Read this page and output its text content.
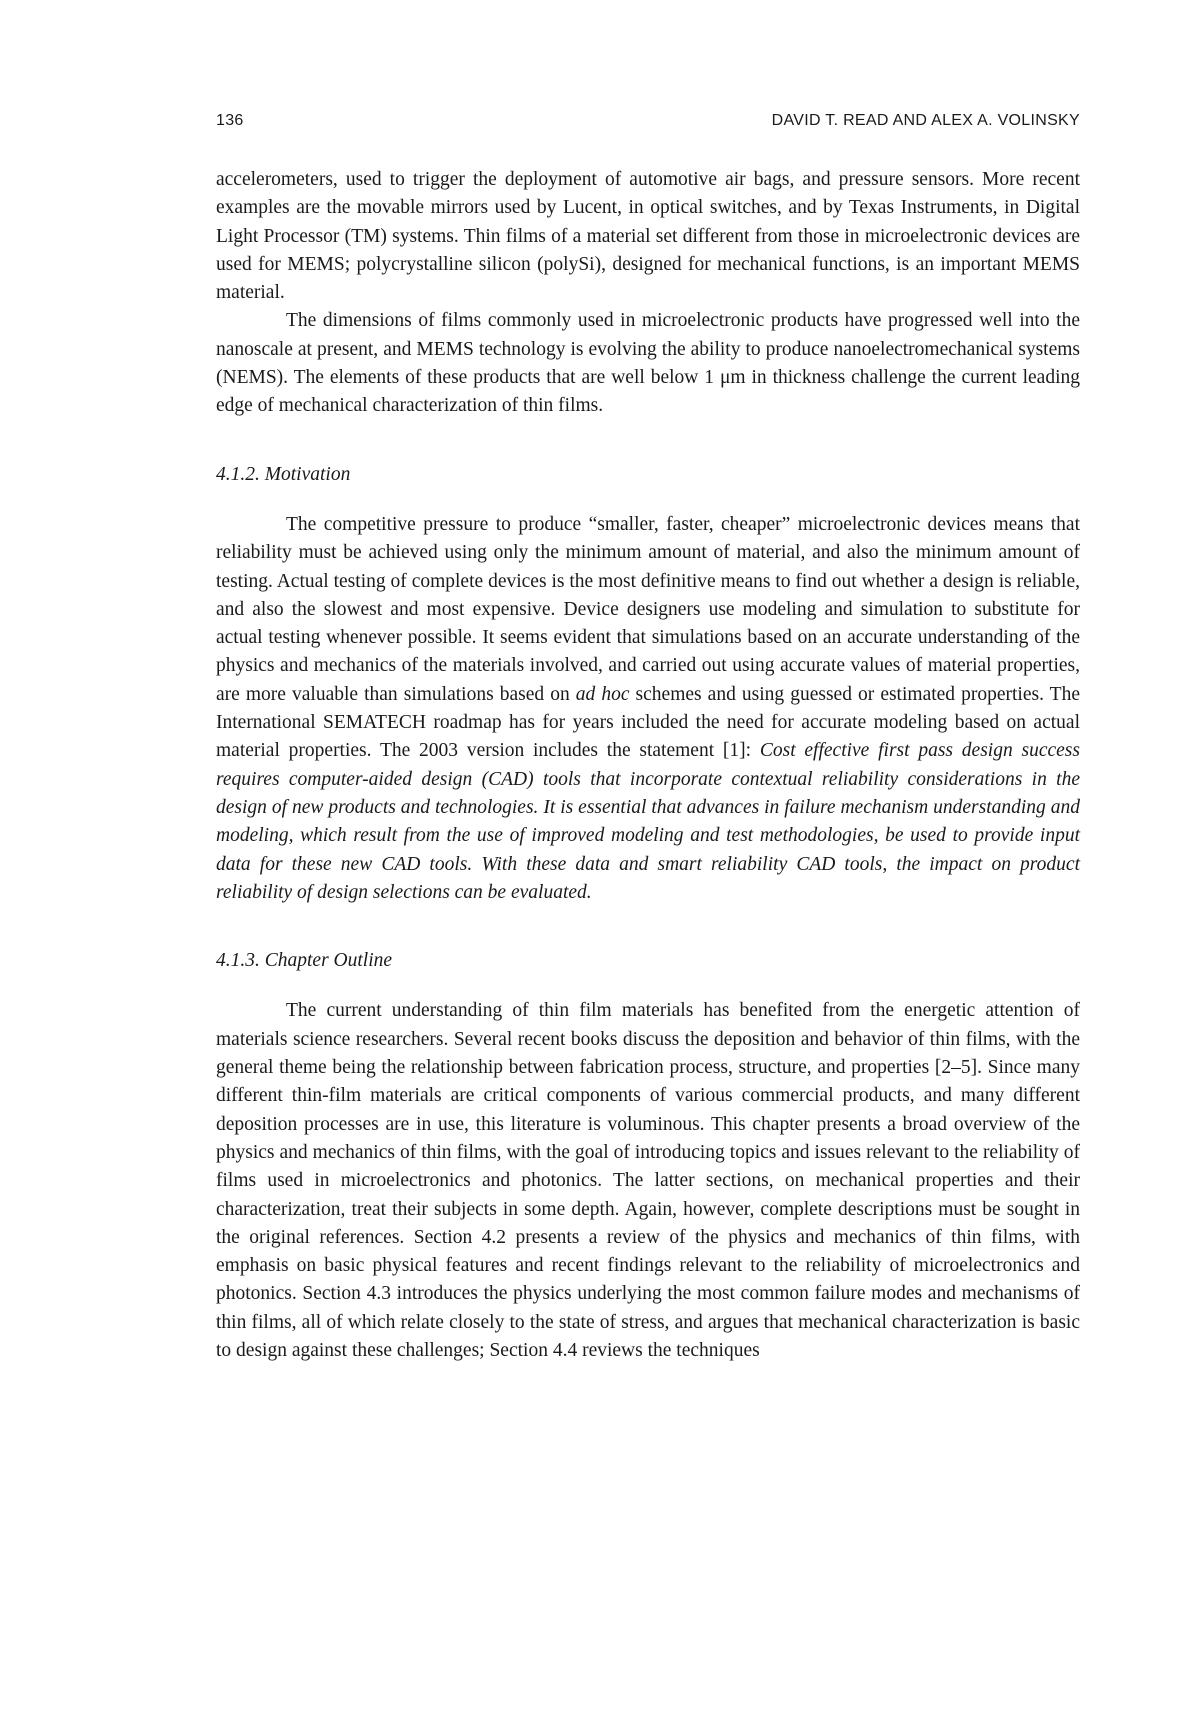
136	DAVID T. READ AND ALEX A. VOLINSKY

accelerometers, used to trigger the deployment of automotive air bags, and pressure sensors. More recent examples are the movable mirrors used by Lucent, in optical switches, and by Texas Instruments, in Digital Light Processor (TM) systems. Thin films of a material set different from those in microelectronic devices are used for MEMS; polycrystalline silicon (polySi), designed for mechanical functions, is an important MEMS material.

The dimensions of films commonly used in microelectronic products have progressed well into the nanoscale at present, and MEMS technology is evolving the ability to produce nanoelectromechanical systems (NEMS). The elements of these products that are well below 1 μm in thickness challenge the current leading edge of mechanical characterization of thin films.

4.1.2. Motivation

The competitive pressure to produce “smaller, faster, cheaper” microelectronic devices means that reliability must be achieved using only the minimum amount of material, and also the minimum amount of testing. Actual testing of complete devices is the most definitive means to find out whether a design is reliable, and also the slowest and most expensive. Device designers use modeling and simulation to substitute for actual testing whenever possible. It seems evident that simulations based on an accurate understanding of the physics and mechanics of the materials involved, and carried out using accurate values of material properties, are more valuable than simulations based on ad hoc schemes and using guessed or estimated properties. The International SEMATECH roadmap has for years included the need for accurate modeling based on actual material properties. The 2003 version includes the statement [1]: Cost effective first pass design success requires computer-aided design (CAD) tools that incorporate contextual reliability considerations in the design of new products and technologies. It is essential that advances in failure mechanism understanding and modeling, which result from the use of improved modeling and test methodologies, be used to provide input data for these new CAD tools. With these data and smart reliability CAD tools, the impact on product reliability of design selections can be evaluated.

4.1.3. Chapter Outline

The current understanding of thin film materials has benefited from the energetic attention of materials science researchers. Several recent books discuss the deposition and behavior of thin films, with the general theme being the relationship between fabrication process, structure, and properties [2–5]. Since many different thin-film materials are critical components of various commercial products, and many different deposition processes are in use, this literature is voluminous. This chapter presents a broad overview of the physics and mechanics of thin films, with the goal of introducing topics and issues relevant to the reliability of films used in microelectronics and photonics. The latter sections, on mechanical properties and their characterization, treat their subjects in some depth. Again, however, complete descriptions must be sought in the original references. Section 4.2 presents a review of the physics and mechanics of thin films, with emphasis on basic physical features and recent findings relevant to the reliability of microelectronics and photonics. Section 4.3 introduces the physics underlying the most common failure modes and mechanisms of thin films, all of which relate closely to the state of stress, and argues that mechanical characterization is basic to design against these challenges; Section 4.4 reviews the techniques
